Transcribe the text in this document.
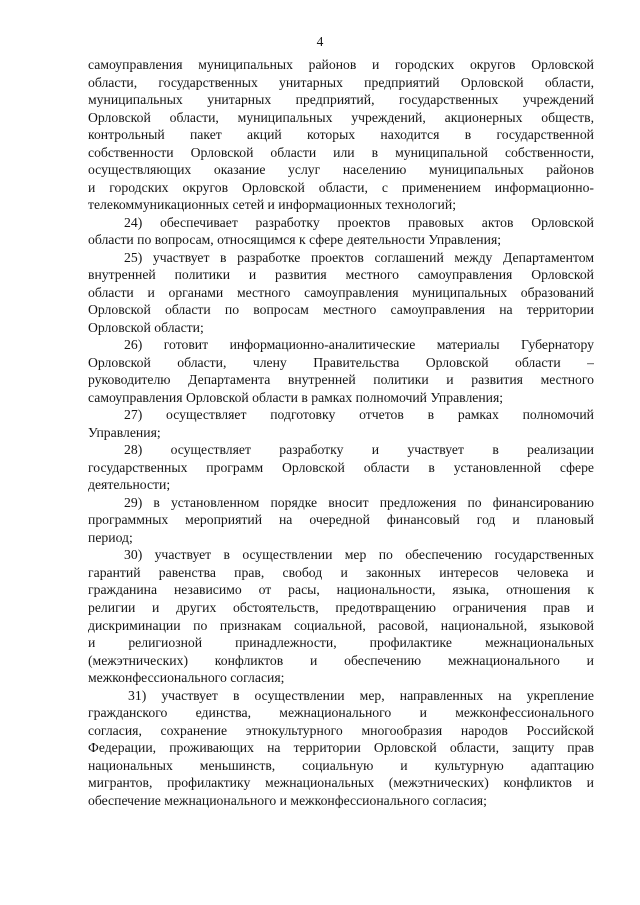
4
самоуправления муниципальных районов и городских округов Орловской
области, государственных унитарных предприятий Орловской области,
муниципальных унитарных предприятий, государственных учреждений
Орловской области, муниципальных учреждений, акционерных обществ,
контрольный пакет акций которых находится в государственной
собственности Орловской области или в муниципальной собственности,
осуществляющих оказание услуг населению муниципальных районов
и городских округов Орловской области, с применением информационно-
телекоммуникационных сетей и информационных технологий;
24) обеспечивает разработку проектов правовых актов Орловской
области по вопросам, относящимся к сфере деятельности Управления;
25) участвует в разработке проектов соглашений между Департаментом
внутренней политики и развития местного самоуправления Орловской
области и органами местного самоуправления муниципальных образований
Орловской области по вопросам местного самоуправления на территории
Орловской области;
26) готовит информационно-аналитические материалы Губернатору
Орловской области, члену Правительства Орловской области –
руководителю Департамента внутренней политики и развития местного
самоуправления Орловской области в рамках полномочий Управления;
27) осуществляет подготовку отчетов в рамках полномочий
Управления;
28) осуществляет разработку и участвует в реализации
государственных программ Орловской области в установленной сфере
деятельности;
29) в установленном порядке вносит предложения по финансированию
программных мероприятий на очередной финансовый год и плановый
период;
30) участвует в осуществлении мер по обеспечению государственных
гарантий равенства прав, свобод и законных интересов человека и
гражданина независимо от расы, национальности, языка, отношения к
религии и других обстоятельств, предотвращению ограничения прав и
дискриминации по признакам социальной, расовой, национальной, языковой
и религиозной принадлежности, профилактике межнациональных
(межэтнических) конфликтов и обеспечению межнационального и
межконфессионального согласия;
31) участвует в осуществлении мер, направленных на укрепление
гражданского единства, межнационального и межконфессионального
согласия, сохранение этнокультурного многообразия народов Российской
Федерации, проживающих на территории Орловской области, защиту прав
национальных меньшинств, социальную и культурную адаптацию
мигрантов, профилактику межнациональных (межэтнических) конфликтов и
обеспечение межнационального и межконфессионального согласия;
